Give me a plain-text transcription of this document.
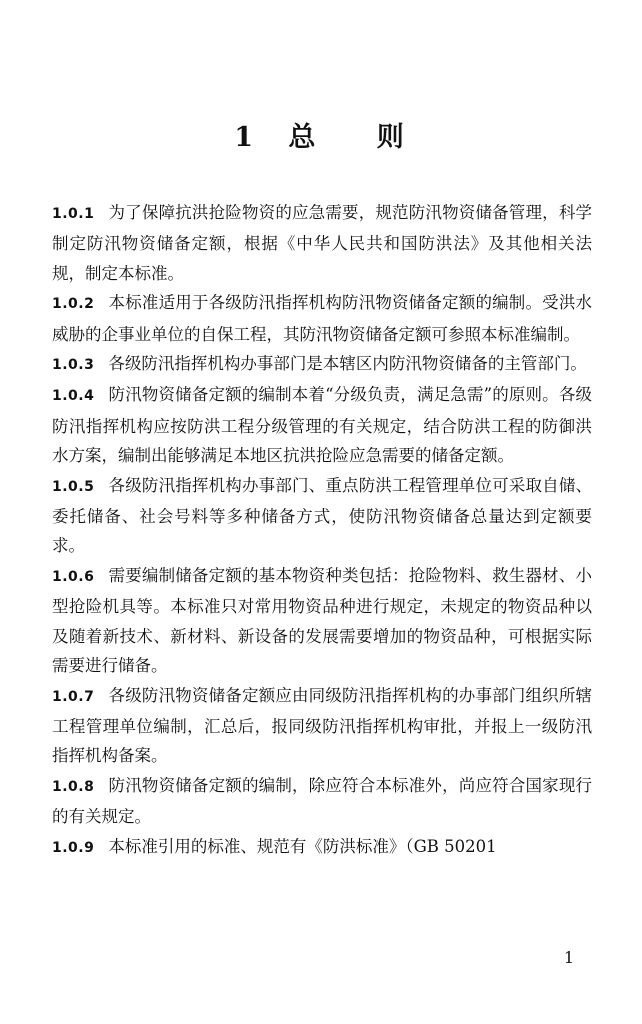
1 总 则

1.0.1 为了保障抗洪抢险物资的应急需要，规范防汛物资储备管理，科学制定防汛物资储备定额，根据《中华人民共和国防洪法》及其他相关法规，制定本标准。

1.0.2 本标准适用于各级防汛指挥机构防汛物资储备定额的编制。受洪水威胁的企事业单位的自保工程，其防汛物资储备定额可参照本标准编制。

1.0.3 各级防汛指挥机构办事部门是本辖区内防汛物资储备的主管部门。

1.0.4 防汛物资储备定额的编制本着“分级负责，满足急需”的原则。各级防汛指挥机构应按防洪工程分级管理的有关规定，结合防洪工程的防御洪水方案，编制出能够满足本地区抗洪抢险应急需要的储备定额。

1.0.5 各级防汛指挥机构办事部门、重点防洪工程管理单位可采取自储、委托储备、社会号料等多种储备方式，使防汛物资储备总量达到定额要求。

1.0.6 需要编制储备定额的基本物资种类包括：抢险物料、救生器材、小型抢险机具等。本标准只对常用物资品种进行规定，未规定的物资品种以及随着新技术、新材料、新设备的发展需要增加的物资品种，可根据实际需要进行储备。

1.0.7 各级防汛物资储备定额应由同级防汛指挥机构的办事部门组织所辖工程管理单位编制，汇总后，报同级防汛指挥机构审批，并报上一级防汛指挥机构备案。

1.0.8 防汛物资储备定额的编制，除应符合本标准外，尚应符合国家现行的有关规定。

1.0.9 本标准引用的标准、规范有《防洪标准》（GB 50201

1
